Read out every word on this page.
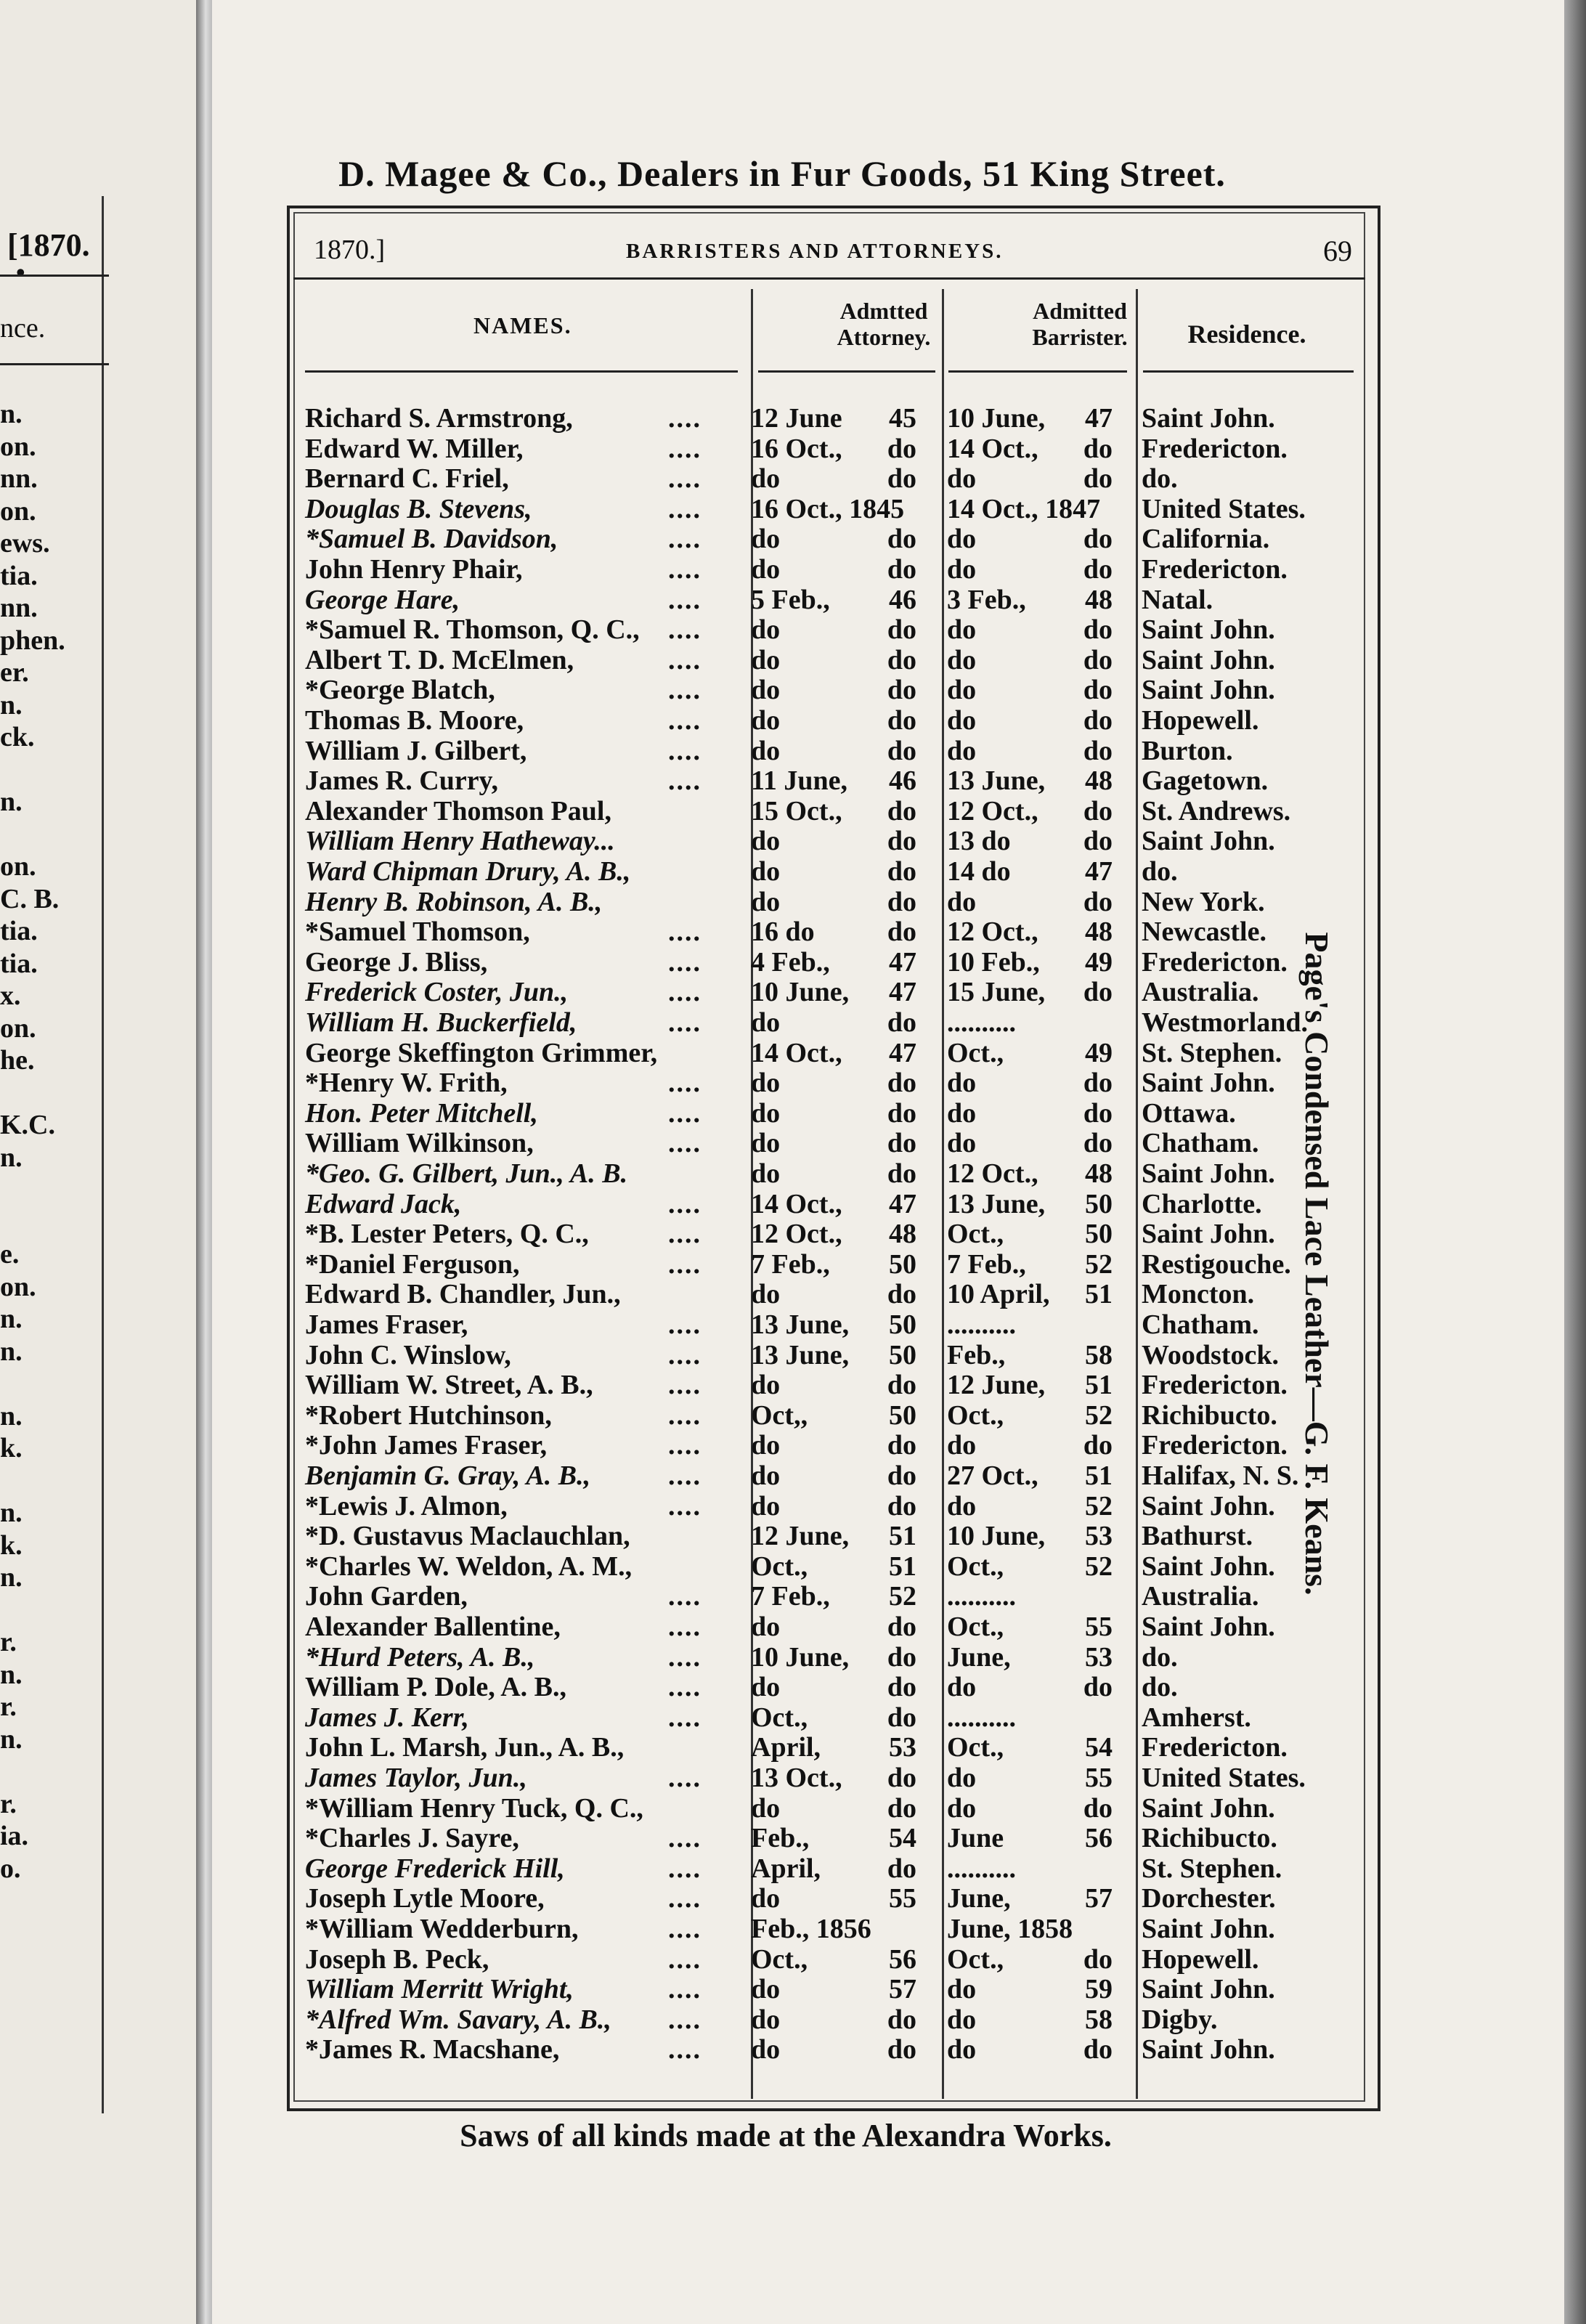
[1870.
•
nce.
n.
on.
nn.
on.
ews.
tia.
nn.
phen.
er.
n.
ck.
n.
on.
C. B.
tia.
tia.
x.
on.
he.
K.C.
n.
e.
on.
n.
n.
n.
k.
n.
k.
n.
r.
n.
r.
n.
r.
ia.
o.
D. Magee & Co., Dealers in Fur Goods, 51 King Street.
1870.]	BARRISTERS AND ATTORNEYS.	69
NAMES.
Admtted
Attorney.
Admitted
Barrister.	Residence.
Richard S. Armstrong,	.... 12 June	45 10 June,	47 Saint John.
Edward W. Miller,	.... 16 Oct.,	do 14 Oct.,	do Fredericton.
Bernard C. Friel,	.... do	do do	do do.
Douglas B. Stevens,	.... 16 Oct., 1845 14 Oct., 1847 United States.
*Samuel B. Davidson,	.... do	do do	do California.
John Henry Phair,	.... do	do do	do Fredericton.
George Hare,	.... 5 Feb.,	46 3 Feb.,	48 Natal.
*Samuel R. Thomson, Q. C., .... do	do do	do Saint John.
Albert T. D. McElmen,	.... do	do do	do Saint John.
*George Blatch,	.... do	do do	do Saint John.
Thomas B. Moore,	.... do	do do	do Hopewell.
William J. Gilbert,	.... do	do do	do Burton.
James R. Curry,	.... 11 June,	46 13 June,	48 Gagetown.
Alexander Thomson Paul,	15 Oct.,	do 12 Oct.,	do St. Andrews.
William Henry Hatheway...	do	do 13 do	do Saint John.
Ward Chipman Drury, A. B.,	do	do 14 do	47 do.
Henry B. Robinson, A. B.,	do	do do	do New York.
*Samuel Thomson,	.... 16 do	do 12 Oct.,	48 Newcastle.
George J. Bliss,	.... 4 Feb.,	47 10 Feb.,	49 Fredericton.
Frederick Coster, Jun.,	.... 10 June,	47 15 June,	do Australia.
William H. Buckerfield,	.... do	do ..........	Westmorland.
George Skeffington Grimmer,	14 Oct.,	47 Oct.,	49 St. Stephen.
*Henry W. Frith,	.... do	do do	do Saint John.
Hon. Peter Mitchell,	.... do	do do	do Ottawa.
William Wilkinson,	.... do	do do	do Chatham.
*Geo. G. Gilbert, Jun., A. B.	do	do 12 Oct.,	48 Saint John.
Edward Jack,	.... 14 Oct.,	47 13 June,	50 Charlotte.
*B. Lester Peters, Q. C.,	.... 12 Oct.,	48 Oct.,	50 Saint John.
*Daniel Ferguson,	.... 7 Feb.,	50 7 Feb.,	52 Restigouche.
Edward B. Chandler, Jun.,	do	do 10 April,	51 Moncton.
James Fraser,	.... 13 June,	50 ..........	Chatham.
John C. Winslow,	.... 13 June,	50 Feb.,	58 Woodstock.
William W. Street, A. B.,	.... do	do 12 June,	51 Fredericton.
*Robert Hutchinson,	.... Oct,,	50 Oct.,	52 Richibucto.
*John James Fraser,	.... do	do do	do Fredericton.
Benjamin G. Gray, A. B.,	.... do	do 27 Oct.,	51 Halifax, N. S.
*Lewis J. Almon,	.... do	do do	52 Saint John.
*D. Gustavus Maclauchlan,	12 June,	51 10 June,	53 Bathurst.
*Charles W. Weldon, A. M.,	Oct.,	51 Oct.,	52 Saint John.
John Garden,	.... 7 Feb.,	52 ..........	Australia.
Alexander Ballentine,	.... do	do Oct.,	55 Saint John.
*Hurd Peters, A. B.,	.... 10 June,	do June,	53 do.
William P. Dole, A. B.,	.... do	do do	do do.
James J. Kerr,	.... Oct.,	do ..........	Amherst.
John L. Marsh, Jun., A. B.,	April,	53 Oct.,	54 Fredericton.
James Taylor, Jun.,	.... 13 Oct.,	do do	55 United States.
*William Henry Tuck, Q. C.,	do	do do	do Saint John.
*Charles J. Sayre,	.... Feb.,	54 June	56 Richibucto.
George Frederick Hill,	.... April,	do ..........	St. Stephen.
Joseph Lytle Moore,	.... do	55 June,	57 Dorchester.
*William Wedderburn,	.... Feb., 1856	June, 1858 Saint John.
Joseph B. Peck,	.... Oct.,	56 Oct.,	do Hopewell.
William Merritt Wright,	.... do	57 do	59 Saint John.
*Alfred Wm. Savary, A. B., .... do	do do	58 Digby.
*James R. Macshane,	.... do	do do	do Saint John.
Page's Condensed Lace Leather—G. F. Keans.
Saws of all kinds made at the Alexandra Works.
